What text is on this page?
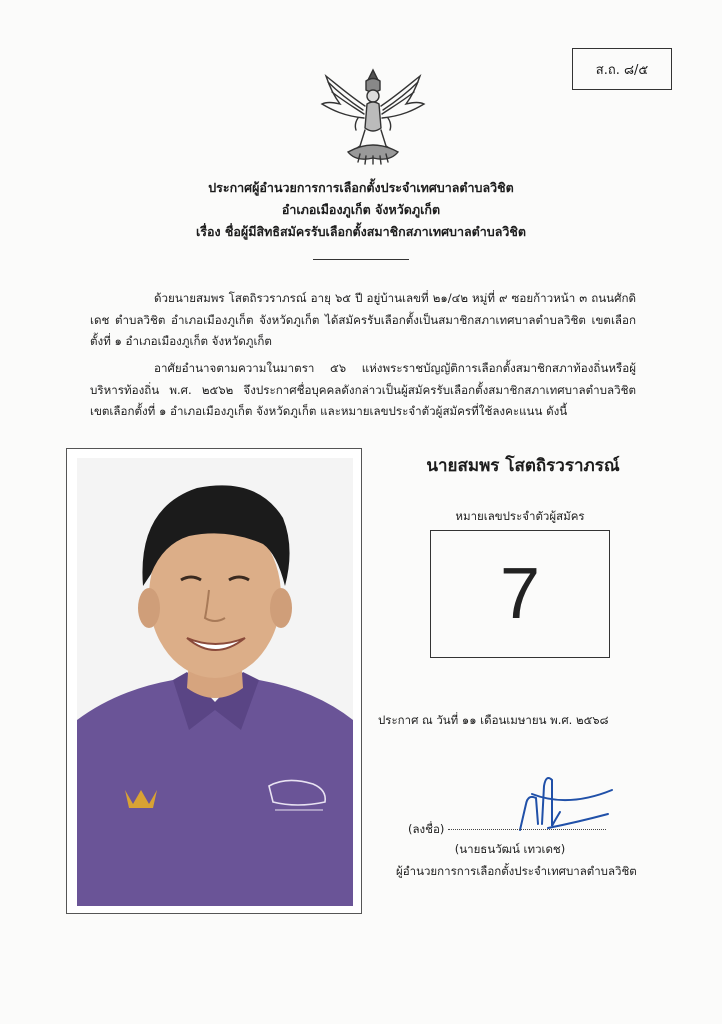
ส.ถ. ๘/๕
ประกาศผู้อำนวยการการเลือกตั้งประจำเทศบาลตำบลวิชิต
อำเภอเมืองภูเก็ต จังหวัดภูเก็ต
เรื่อง ชื่อผู้มีสิทธิสมัครรับเลือกตั้งสมาชิกสภาเทศบาลตำบลวิชิต
ด้วยนายสมพร โสตถิรวราภรณ์ อายุ ๖๕ ปี อยู่บ้านเลขที่ ๒๑/๔๒ หมู่ที่ ๙ ซอยก้าวหน้า ๓ ถนนศักดิเดช ตำบลวิชิต อำเภอเมืองภูเก็ต จังหวัดภูเก็ต ได้สมัครรับเลือกตั้งเป็นสมาชิกสภาเทศบาลตำบลวิชิต เขตเลือกตั้งที่ ๑ อำเภอเมืองภูเก็ต จังหวัดภูเก็ต
อาศัยอำนาจตามความในมาตรา ๕๖ แห่งพระราชบัญญัติการเลือกตั้งสมาชิกสภาท้องถิ่นหรือผู้บริหารท้องถิ่น พ.ศ. ๒๕๖๒ จึงประกาศชื่อบุคคลดังกล่าวเป็นผู้สมัครรับเลือกตั้งสมาชิกสภาเทศบาลตำบลวิชิต เขตเลือกตั้งที่ ๑ อำเภอเมืองภูเก็ต จังหวัดภูเก็ต และหมายเลขประจำตัวผู้สมัครที่ใช้ลงคะแนน ดังนี้
นายสมพร โสตถิรวราภรณ์
หมายเลขประจำตัวผู้สมัคร
7
ประกาศ ณ วันที่ ๑๑ เดือนเมษายน พ.ศ. ๒๕๖๘
(ลงชื่อ)
(นายธนวัฒน์ เทวเดช)
ผู้อำนวยการการเลือกตั้งประจำเทศบาลตำบลวิชิต
